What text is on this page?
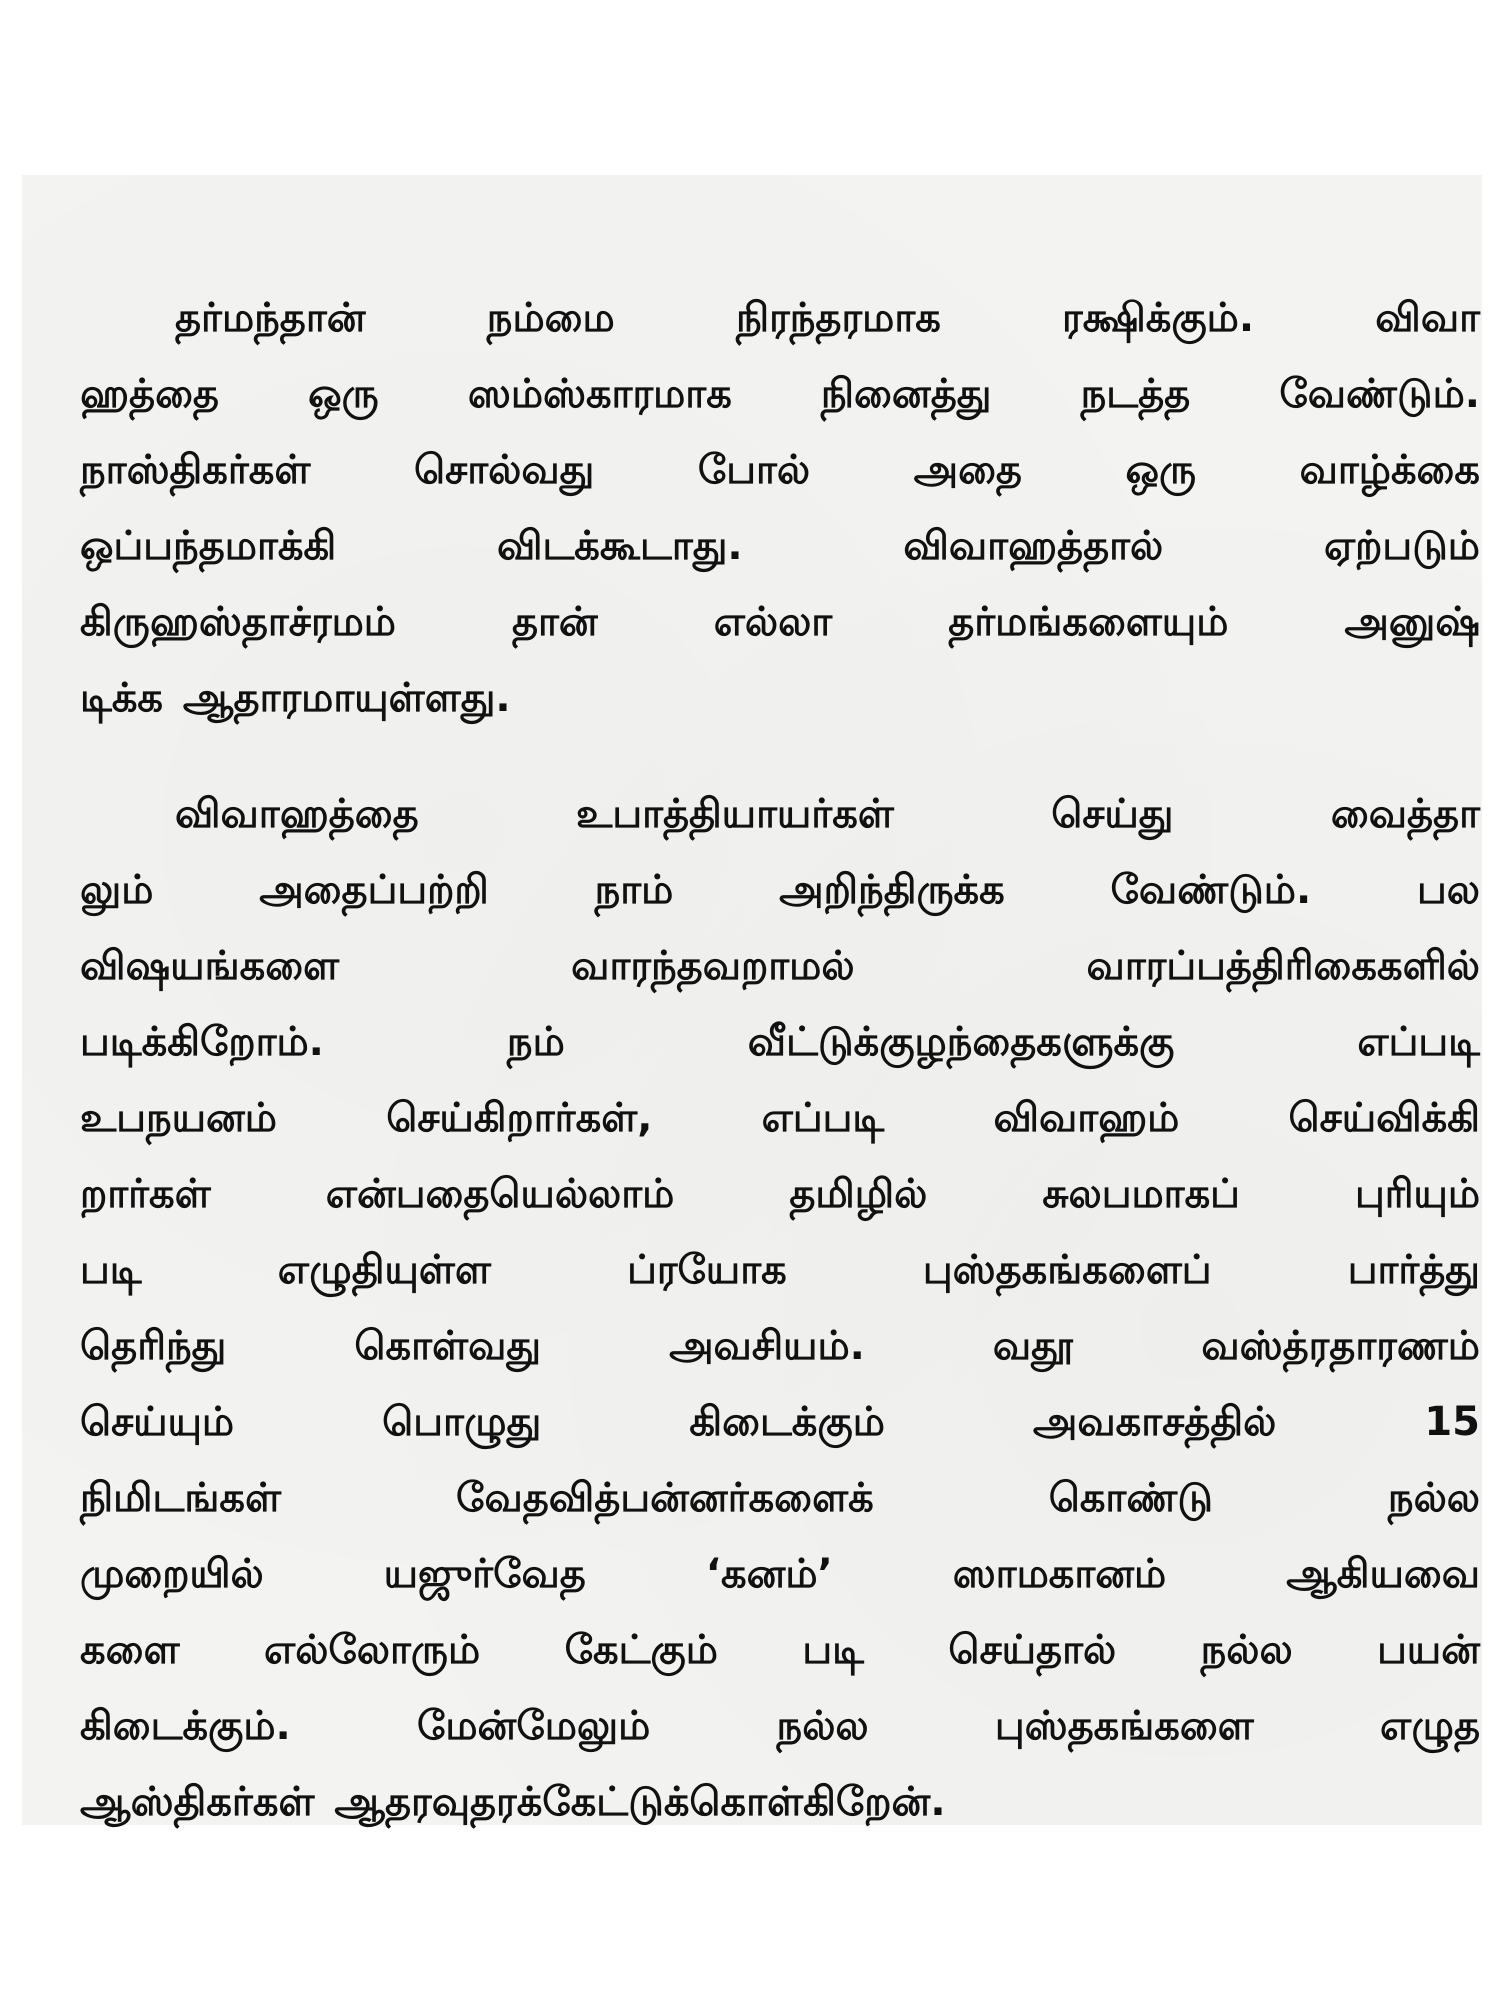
தர்மந்தான் நம்மை நிரந்தரமாக ரக்ஷிக்கும். விவா
ஹத்தை ஒரு ஸம்ஸ்காரமாக நினைத்து நடத்த வேண்டும்.
நாஸ்திகர்கள் சொல்வது போல் அதை ஒரு வாழ்க்கை
ஒப்பந்தமாக்கி விடக்கூடாது. விவாஹத்தால் ஏற்படும்
கிருஹஸ்தாச்ரமம் தான் எல்லா தர்மங்களையும் அனுஷ்
டிக்க ஆதாரமாயுள்ளது.
விவாஹத்தை உபாத்தியாயர்கள் செய்து வைத்தா
லும் அதைப்பற்றி நாம் அறிந்திருக்க வேண்டும். பல
விஷயங்களை வாரந்தவறாமல் வாரப்பத்திரிகைகளில்
படிக்கிறோம். நம் வீட்டுக்குழந்தைகளுக்கு எப்படி
உபநயனம் செய்கிறார்கள், எப்படி விவாஹம் செய்விக்கி
றார்கள் என்பதையெல்லாம் தமிழில் சுலபமாகப் புரியும்
படி எழுதியுள்ள ப்ரயோக புஸ்தகங்களைப் பார்த்து
தெரிந்து கொள்வது அவசியம். வதூ வஸ்த்ரதாரணம்
செய்யும் பொழுது கிடைக்கும் அவகாசத்தில் 15
நிமிடங்கள் வேதவித்பன்னர்களைக் கொண்டு நல்ல
முறையில் யஜுர்வேத ‘கனம்’ ஸாமகானம் ஆகியவை
களை எல்லோரும் கேட்கும் படி செய்தால் நல்ல பயன்
கிடைக்கும். மேன்மேலும் நல்ல புஸ்தகங்களை எழுத
ஆஸ்திகர்கள் ஆதரவுதரக்கேட்டுக்கொள்கிறேன்.
